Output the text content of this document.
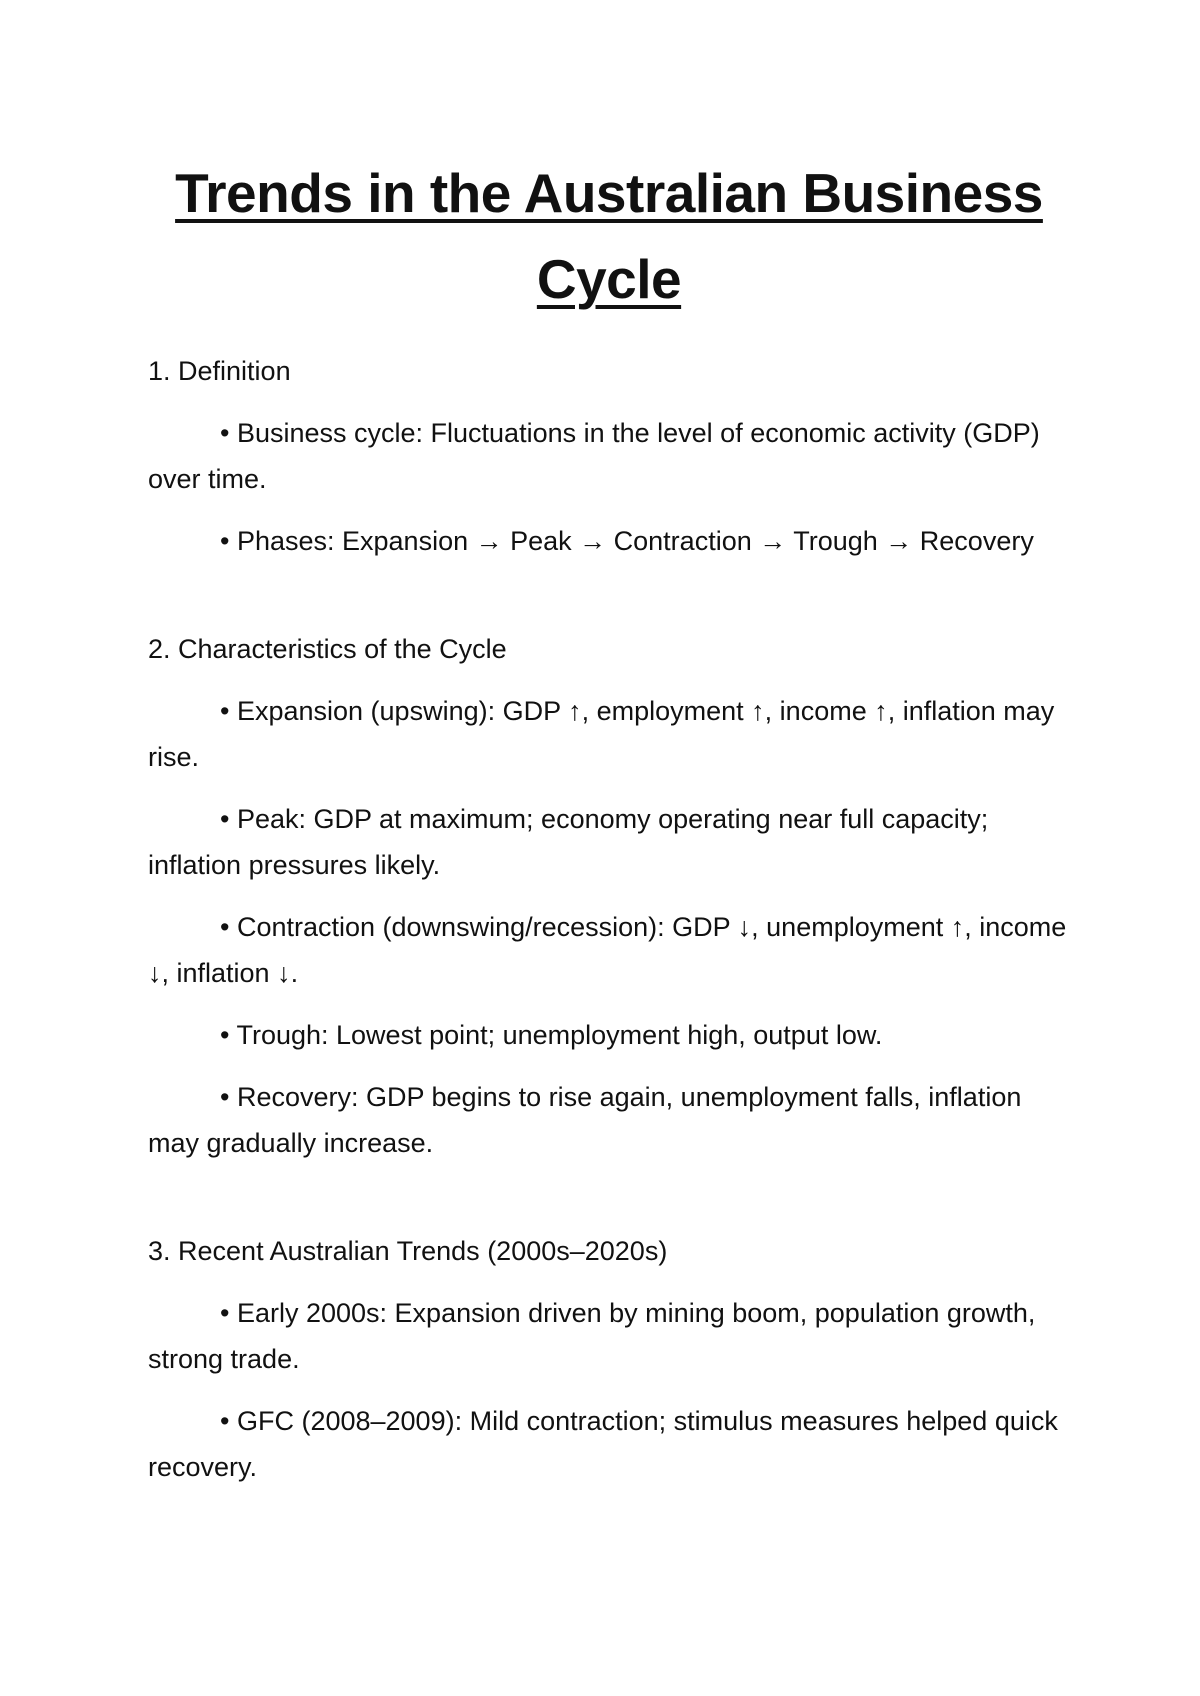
Trends in the Australian Business Cycle
1. Definition
• Business cycle: Fluctuations in the level of economic activity (GDP) over time.
• Phases: Expansion → Peak → Contraction → Trough → Recovery
2. Characteristics of the Cycle
• Expansion (upswing): GDP ↑, employment ↑, income ↑, inflation may rise.
• Peak: GDP at maximum; economy operating near full capacity; inflation pressures likely.
• Contraction (downswing/recession): GDP ↓, unemployment ↑, income ↓, inflation ↓.
• Trough: Lowest point; unemployment high, output low.
• Recovery: GDP begins to rise again, unemployment falls, inflation may gradually increase.
3. Recent Australian Trends (2000s–2020s)
• Early 2000s: Expansion driven by mining boom, population growth, strong trade.
• GFC (2008–2009): Mild contraction; stimulus measures helped quick recovery.
